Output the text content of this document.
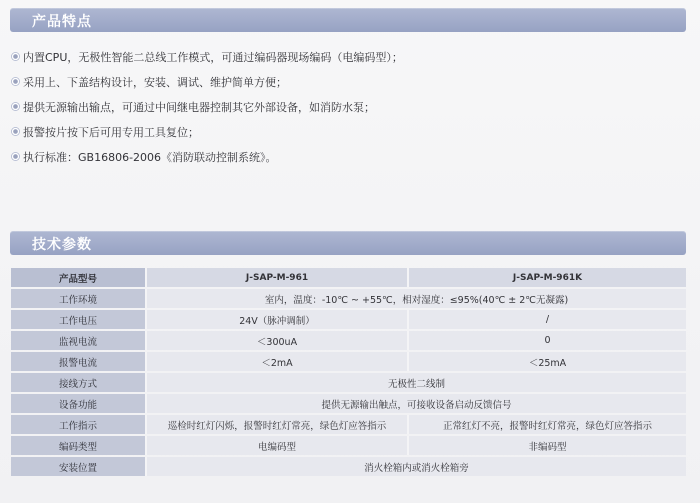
产品特点
内置CPU，无极性智能二总线工作模式，可通过编码器现场编码（电编码型）；
采用上、下盖结构设计，安装、调试、维护简单方便；
提供无源输出输点，可通过中间继电器控制其它外部设备，如消防水泵；
报警按片按下后可用专用工具复位；
执行标准：GB16806-2006《消防联动控制系统》。
技术参数
产品型号	J-SAP-M-961	J-SAP-M-961K
工作环境	室内，温度：-10℃ ~ +55℃，相对湿度：≤95%(40℃ ± 2℃无凝露)	
工作电压	24V（脉冲调制）	/
监视电流	＜300uA	0
报警电流	＜2mA	＜25mA
接线方式	无极性二线制	
设备功能	提供无源输出触点，可接收设备启动反馈信号	
工作指示	巡检时红灯闪烁，报警时红灯常亮，绿色灯应答指示	正常红灯不亮，报警时红灯常亮，绿色灯应答指示
编码类型	电编码型	非编码型
安装位置	消火栓箱内或消火栓箱旁	
